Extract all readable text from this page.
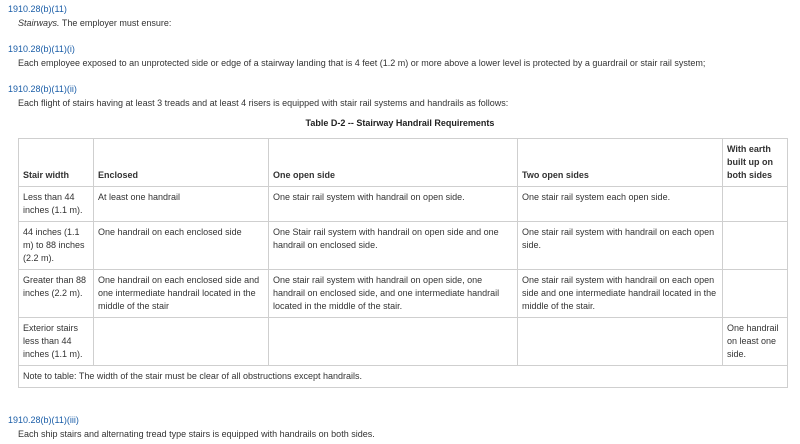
1910.28(b)(11)
Stairways. The employer must ensure:
1910.28(b)(11)(i)
Each employee exposed to an unprotected side or edge of a stairway landing that is 4 feet (1.2 m) or more above a lower level is protected by a guardrail or stair rail system;
1910.28(b)(11)(ii)
Each flight of stairs having at least 3 treads and at least 4 risers is equipped with stair rail systems and handrails as follows:
Table D-2 -- Stairway Handrail Requirements
Stair width	Enclosed	One open side	Two open sides	With earth built up on both sides
Less than 44 inches (1.1 m).	At least one handrail	One stair rail system with handrail on open side.	One stair rail system each open side.	
44 inches (1.1 m) to 88 inches (2.2 m).	One handrail on each enclosed side	One Stair rail system with handrail on open side and one handrail on enclosed side.	One stair rail system with handrail on each open side.	
Greater than 88 inches (2.2 m).	One handrail on each enclosed side and one intermediate handrail located in the middle of the stair	One stair rail system with handrail on open side, one handrail on enclosed side, and one intermediate handrail located in the middle of the stair.	One stair rail system with handrail on each open side and one intermediate handrail located in the middle of the stair.	
Exterior stairs less than 44 inches (1.1 m).				One handrail on least one side.
Note to table: The width of the stair must be clear of all obstructions except handrails.				
1910.28(b)(11)(iii)
Each ship stairs and alternating tread type stairs is equipped with handrails on both sides.
